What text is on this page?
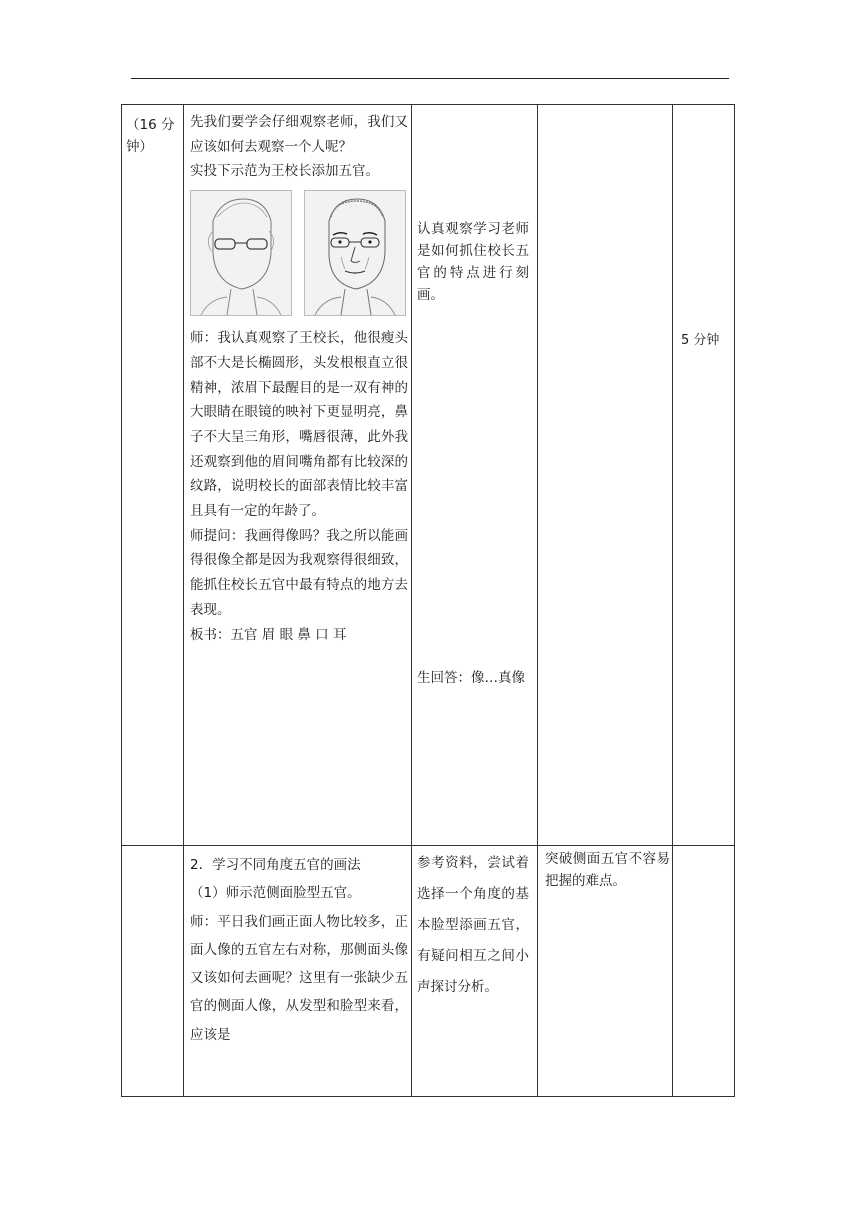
（16 分钟）

先我们要学会仔细观察老师，我们又应该如何去观察一个人呢？

实投下示范为王校长添加五官。

师：我认真观察了王校长，他很瘦头部不大是长椭圆形，头发根根直立很精神，浓眉下最醒目的是一双有神的大眼睛在眼镜的映衬下更显明亮，鼻子不大呈三角形，嘴唇很薄，此外我还观察到他的眉间嘴角都有比较深的纹路，说明校长的面部表情比较丰富且具有一定的年龄了。

师提问：我画得像吗？我之所以能画得很像全都是因为我观察得很细致，能抓住校长五官中最有特点的地方去表现。

板书：五官 眉 眼 鼻 口 耳

认真观察学习老师是如何抓住校长五官的特点进行刻画。
生回答：像…真像
5 分钟

2．学习不同角度五官的画法

（1）师示范侧面脸型五官。

师：平日我们画正面人物比较多，正面人像的五官左右对称，那侧面头像又该如何去画呢？这里有一张缺少五官的侧面人像，从发型和脸型来看，应该是

参考资料，尝试着选择一个角度的基本脸型添画五官，有疑问相互之间小声探讨分析。
突破侧面五官不容易把握的难点。
